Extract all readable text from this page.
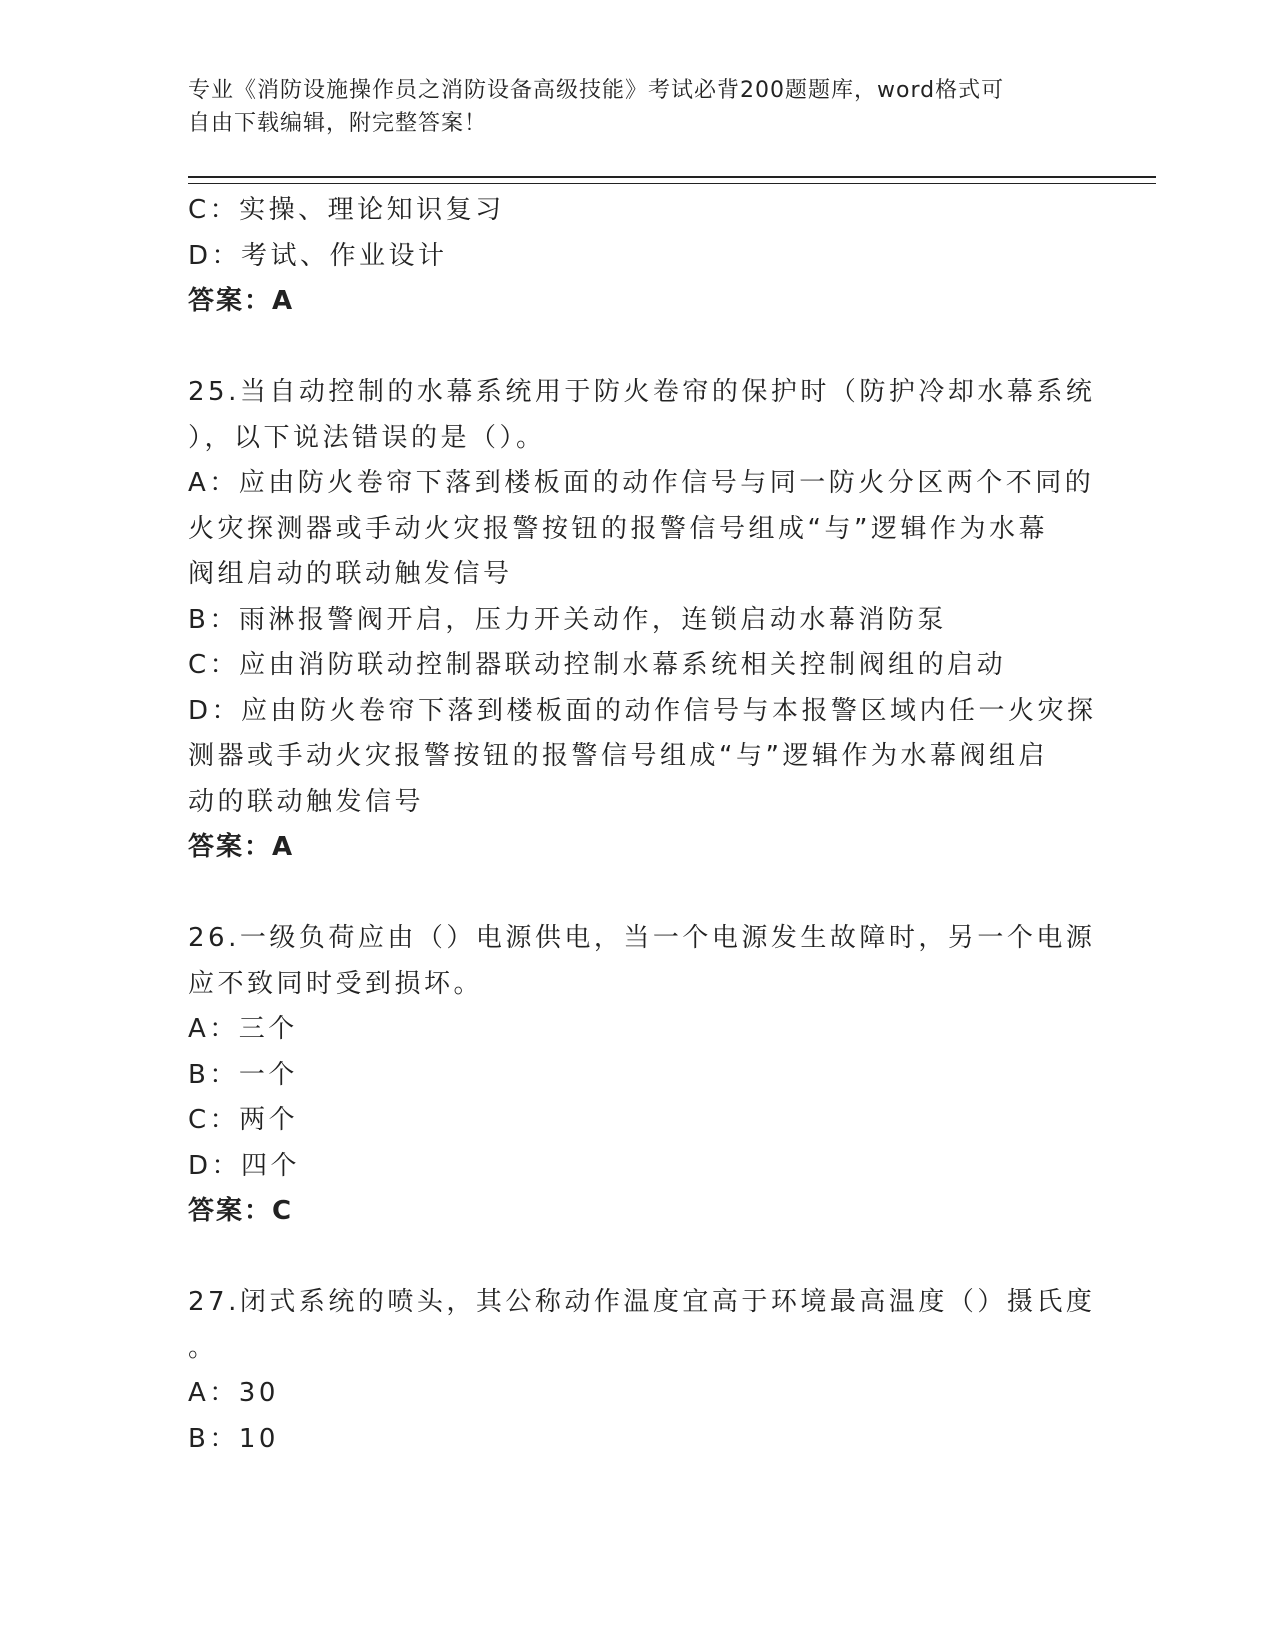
专业《消防设施操作员之消防设备高级技能》考试必背200题题库，word格式可
自由下载编辑，附完整答案！
C：实操、理论知识复习
D：考试、作业设计
答案：A
25.当自动控制的水幕系统用于防火卷帘的保护时（防护冷却水幕系统
），以下说法错误的是（）。
A：应由防火卷帘下落到楼板面的动作信号与同一防火分区两个不同的
火灾探测器或手动火灾报警按钮的报警信号组成“与”逻辑作为水幕
阀组启动的联动触发信号
B：雨淋报警阀开启，压力开关动作，连锁启动水幕消防泵
C：应由消防联动控制器联动控制水幕系统相关控制阀组的启动
D：应由防火卷帘下落到楼板面的动作信号与本报警区域内任一火灾探
测器或手动火灾报警按钮的报警信号组成“与”逻辑作为水幕阀组启
动的联动触发信号
答案：A
26.一级负荷应由（）电源供电，当一个电源发生故障时，另一个电源
应不致同时受到损坏。
A：三个
B：一个
C：两个
D：四个
答案：C
27.闭式系统的喷头，其公称动作温度宜高于环境最高温度（）摄氏度
。
A：30
B：10
